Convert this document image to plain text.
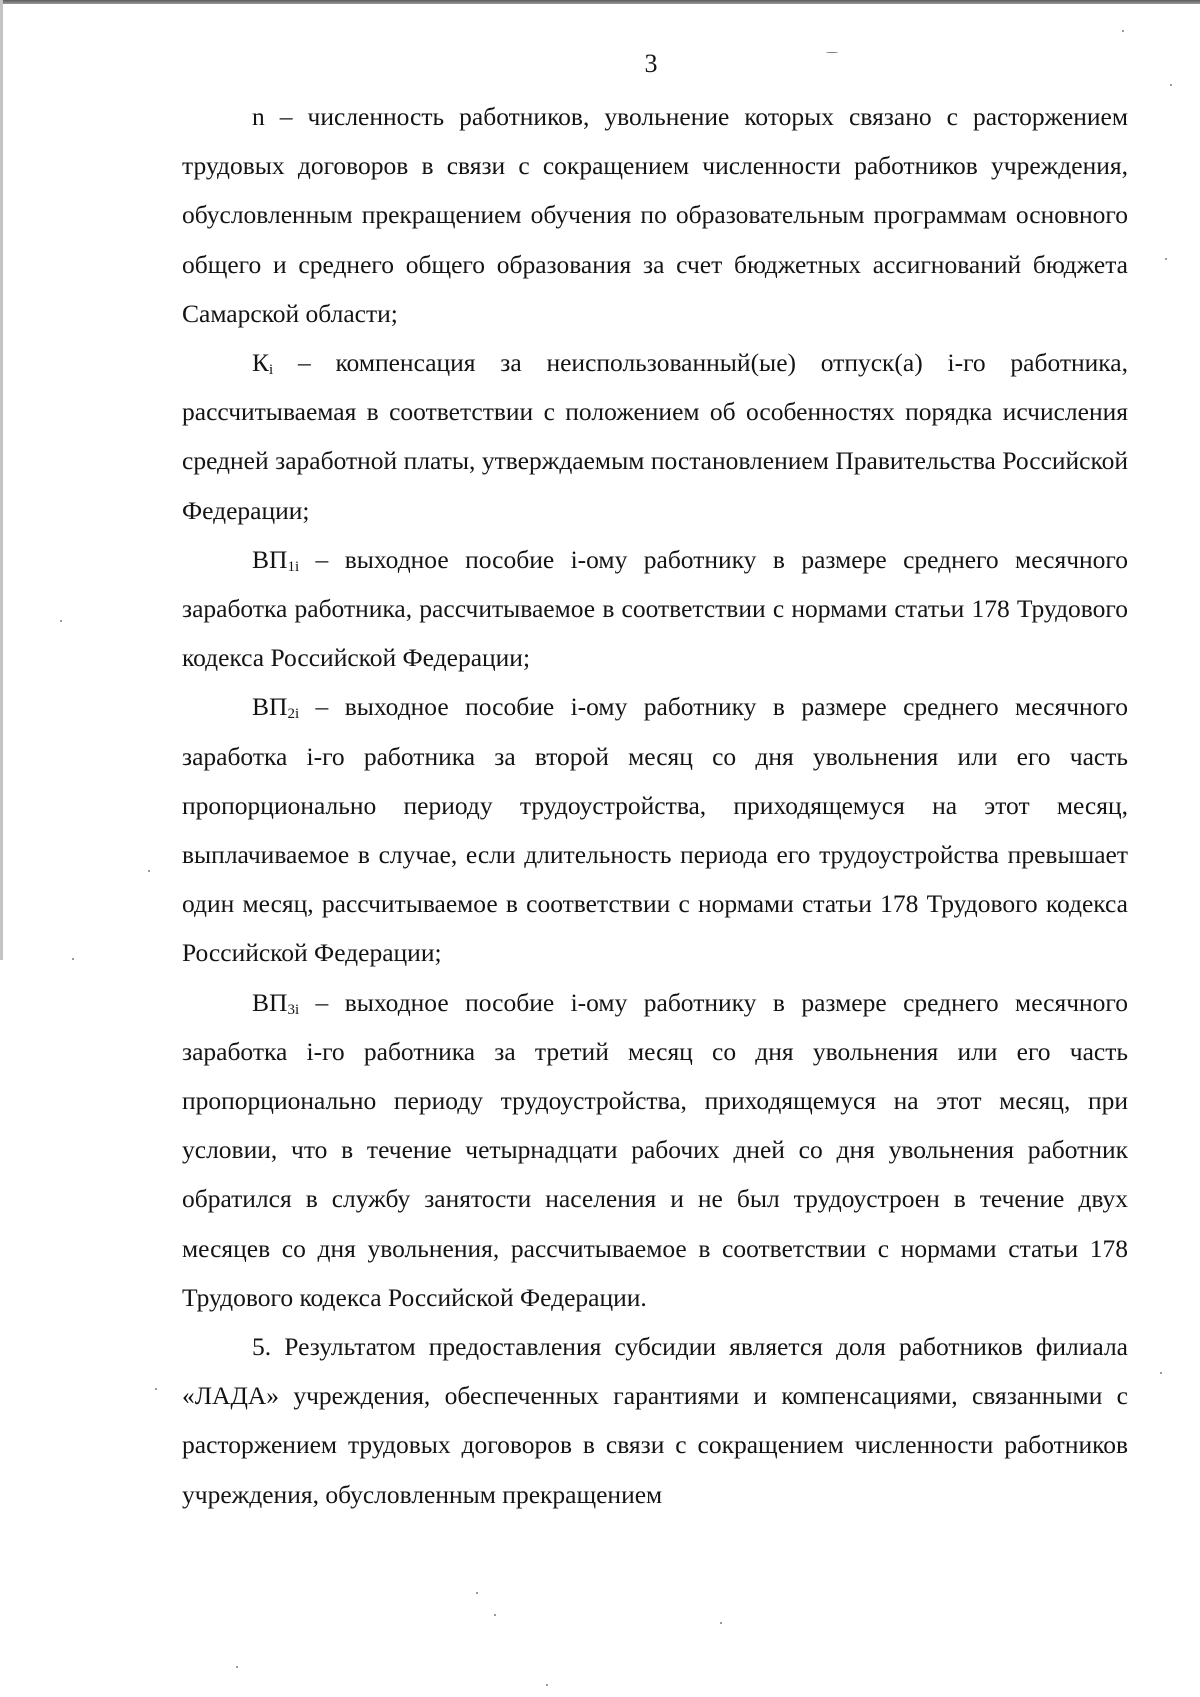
3

n – численность работников, увольнение которых связано с расторжением трудовых договоров в связи с сокращением численности работников учреждения, обусловленным прекращением обучения по образовательным программам основного общего и среднего общего образования за счет бюджетных ассигнований бюджета Самарской области;

$К_i$ – компенсация за неиспользованный(ые) отпуск(а) i-го работника, рассчитываемая в соответствии с положением об особенностях порядка исчисления средней заработной платы, утверждаемым постановлением Правительства Российской Федерации;

$ВП_{1i}$ – выходное пособие i-ому работнику в размере среднего месячного заработка работника, рассчитываемое в соответствии с нормами статьи 178 Трудового кодекса Российской Федерации;

$ВП_{2i}$ – выходное пособие i-ому работнику в размере среднего месячного заработка i-го работника за второй месяц со дня увольнения или его часть пропорционально периоду трудоустройства, приходящемуся на этот месяц, выплачиваемое в случае, если длительность периода его трудоустройства превышает один месяц, рассчитываемое в соответствии с нормами статьи 178 Трудового кодекса Российской Федерации;

$ВП_{3i}$ – выходное пособие i-ому работнику в размере среднего месячного заработка i-го работника за третий месяц со дня увольнения или его часть пропорционально периоду трудоустройства, приходящемуся на этот месяц, при условии, что в течение четырнадцати рабочих дней со дня увольнения работник обратился в службу занятости населения и не был трудоустроен в течение двух месяцев со дня увольнения, рассчитываемое в соответствии с нормами статьи 178 Трудового кодекса Российской Федерации.

5. Результатом предоставления субсидии является доля работников филиала «ЛАДА» учреждения, обеспеченных гарантиями и компенсациями, связанными с расторжением трудовых договоров в связи с сокращением численности работников учреждения, обусловленным прекращением
